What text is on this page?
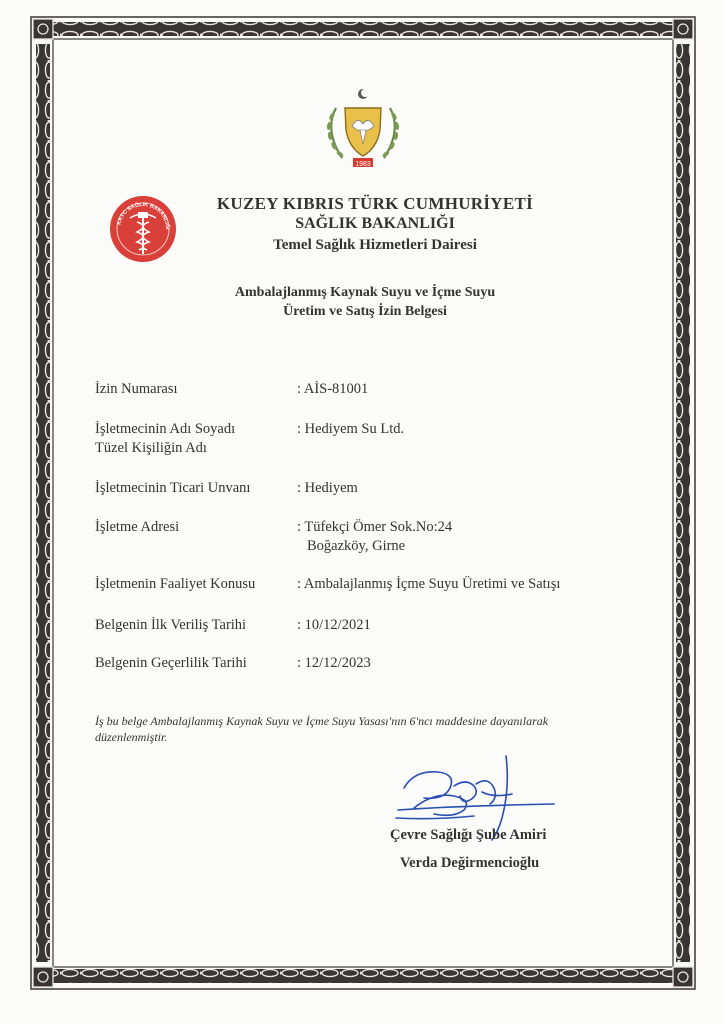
1983
KKTC SAĞLIK BAKANLIĞI
KUZEY KIBRIS TÜRK CUMHURİYETİ
SAĞLIK BAKANLIĞI
Temel Sağlık Hizmetleri Dairesi
Ambalajlanmış Kaynak Suyu ve İçme Suyu
Üretim ve Satış İzin Belgesi
İzin Numarası	: AİS-81001
İşletmecinin Adı Soyadı
Tüzel Kişiliğin Adı
: Hediyem Su Ltd.
İşletmecinin Ticari Unvanı	: Hediyem
İşletme Adresi	: Tüfekçi Ömer Sok.No:24
Boğazköy, Girne
İşletmenin Faaliyet Konusu	: Ambalajlanmış İçme Suyu Üretimi ve Satışı
Belgenin İlk Veriliş Tarihi	: 10/12/2021
Belgenin Geçerlilik Tarihi	: 12/12/2023
İş bu belge Ambalajlanmış Kaynak Suyu ve İçme Suyu Yasası'nın 6'ncı maddesine dayanılarak düzenlenmiştir.
Çevre Sağlığı Şube Amiri
Verda Değirmencioğlu
